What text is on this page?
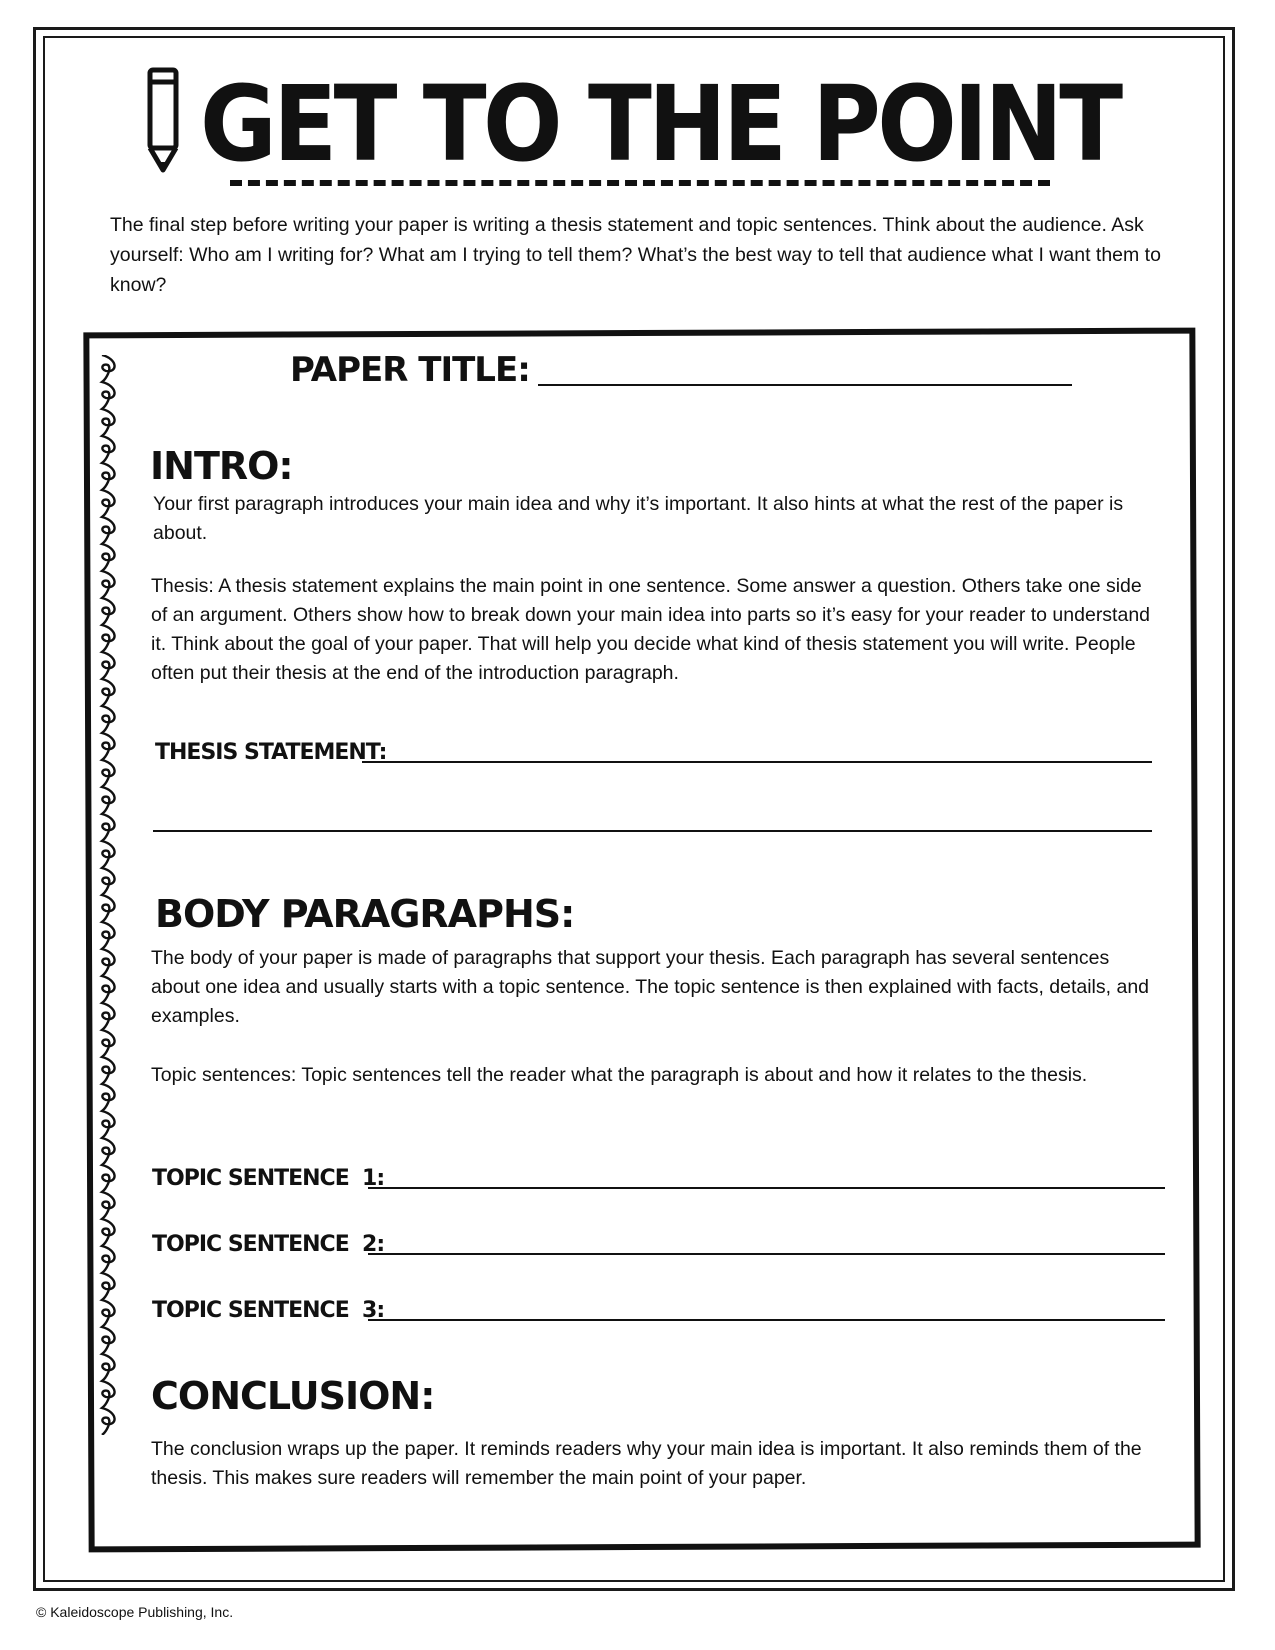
GET TO THE POINT
The final step before writing your paper is writing a thesis statement and topic sentences. Think about the audience. Ask yourself: Who am I writing for? What am I trying to tell them? What’s the best way to tell that audience what I want them to know?
PAPER TITLE:
INTRO:
Your first paragraph introduces your main idea and why it’s important. It also hints at what the rest of the paper is about.
Thesis: A thesis statement explains the main point in one sentence. Some answer a question. Others take one side of an argument. Others show how to break down your main idea into parts so it’s easy for your reader to understand it. Think about the goal of your paper. That will help you decide what kind of thesis statement you will write. People often put their thesis at the end of the introduction paragraph.
THESIS STATEMENT:
BODY PARAGRAPHS:
The body of your paper is made of paragraphs that support your thesis. Each paragraph has several sentences about one idea and usually starts with a topic sentence. The topic sentence is then explained with facts, details, and examples.
Topic sentences: Topic sentences tell the reader what the paragraph is about and how it relates to the thesis.
TOPIC SENTENCE  1:
TOPIC SENTENCE  2:
TOPIC SENTENCE  3:
CONCLUSION:
The conclusion wraps up the paper. It reminds readers why your main idea is important. It also reminds them of the thesis. This makes sure readers will remember the main point of your paper.
© Kaleidoscope Publishing, Inc.
